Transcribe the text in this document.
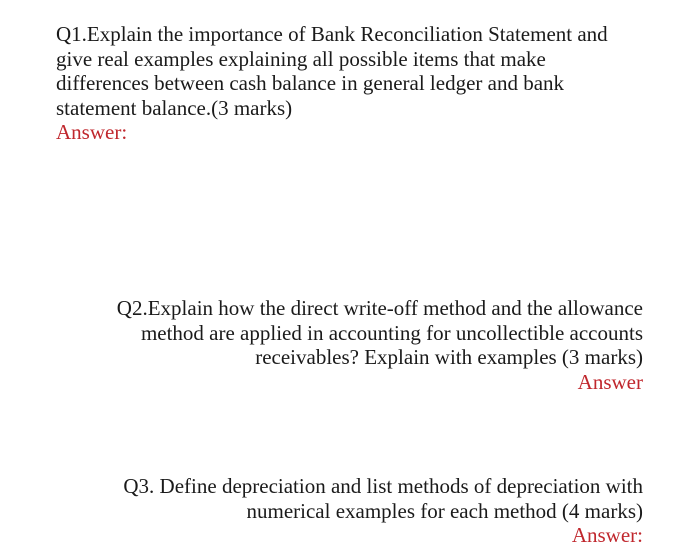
Q1.Explain the importance of Bank Reconciliation Statement and
give real examples explaining all possible items that make
differences between cash balance in general ledger and bank
statement balance.(3 marks)
Answer:
Q2.Explain how the direct write-off method and the allowance
method are applied in accounting for uncollectible accounts
receivables? Explain with examples (3 marks)
Answer
Q3. Define depreciation and list methods of depreciation with
numerical examples for each method (4 marks)
Answer:
